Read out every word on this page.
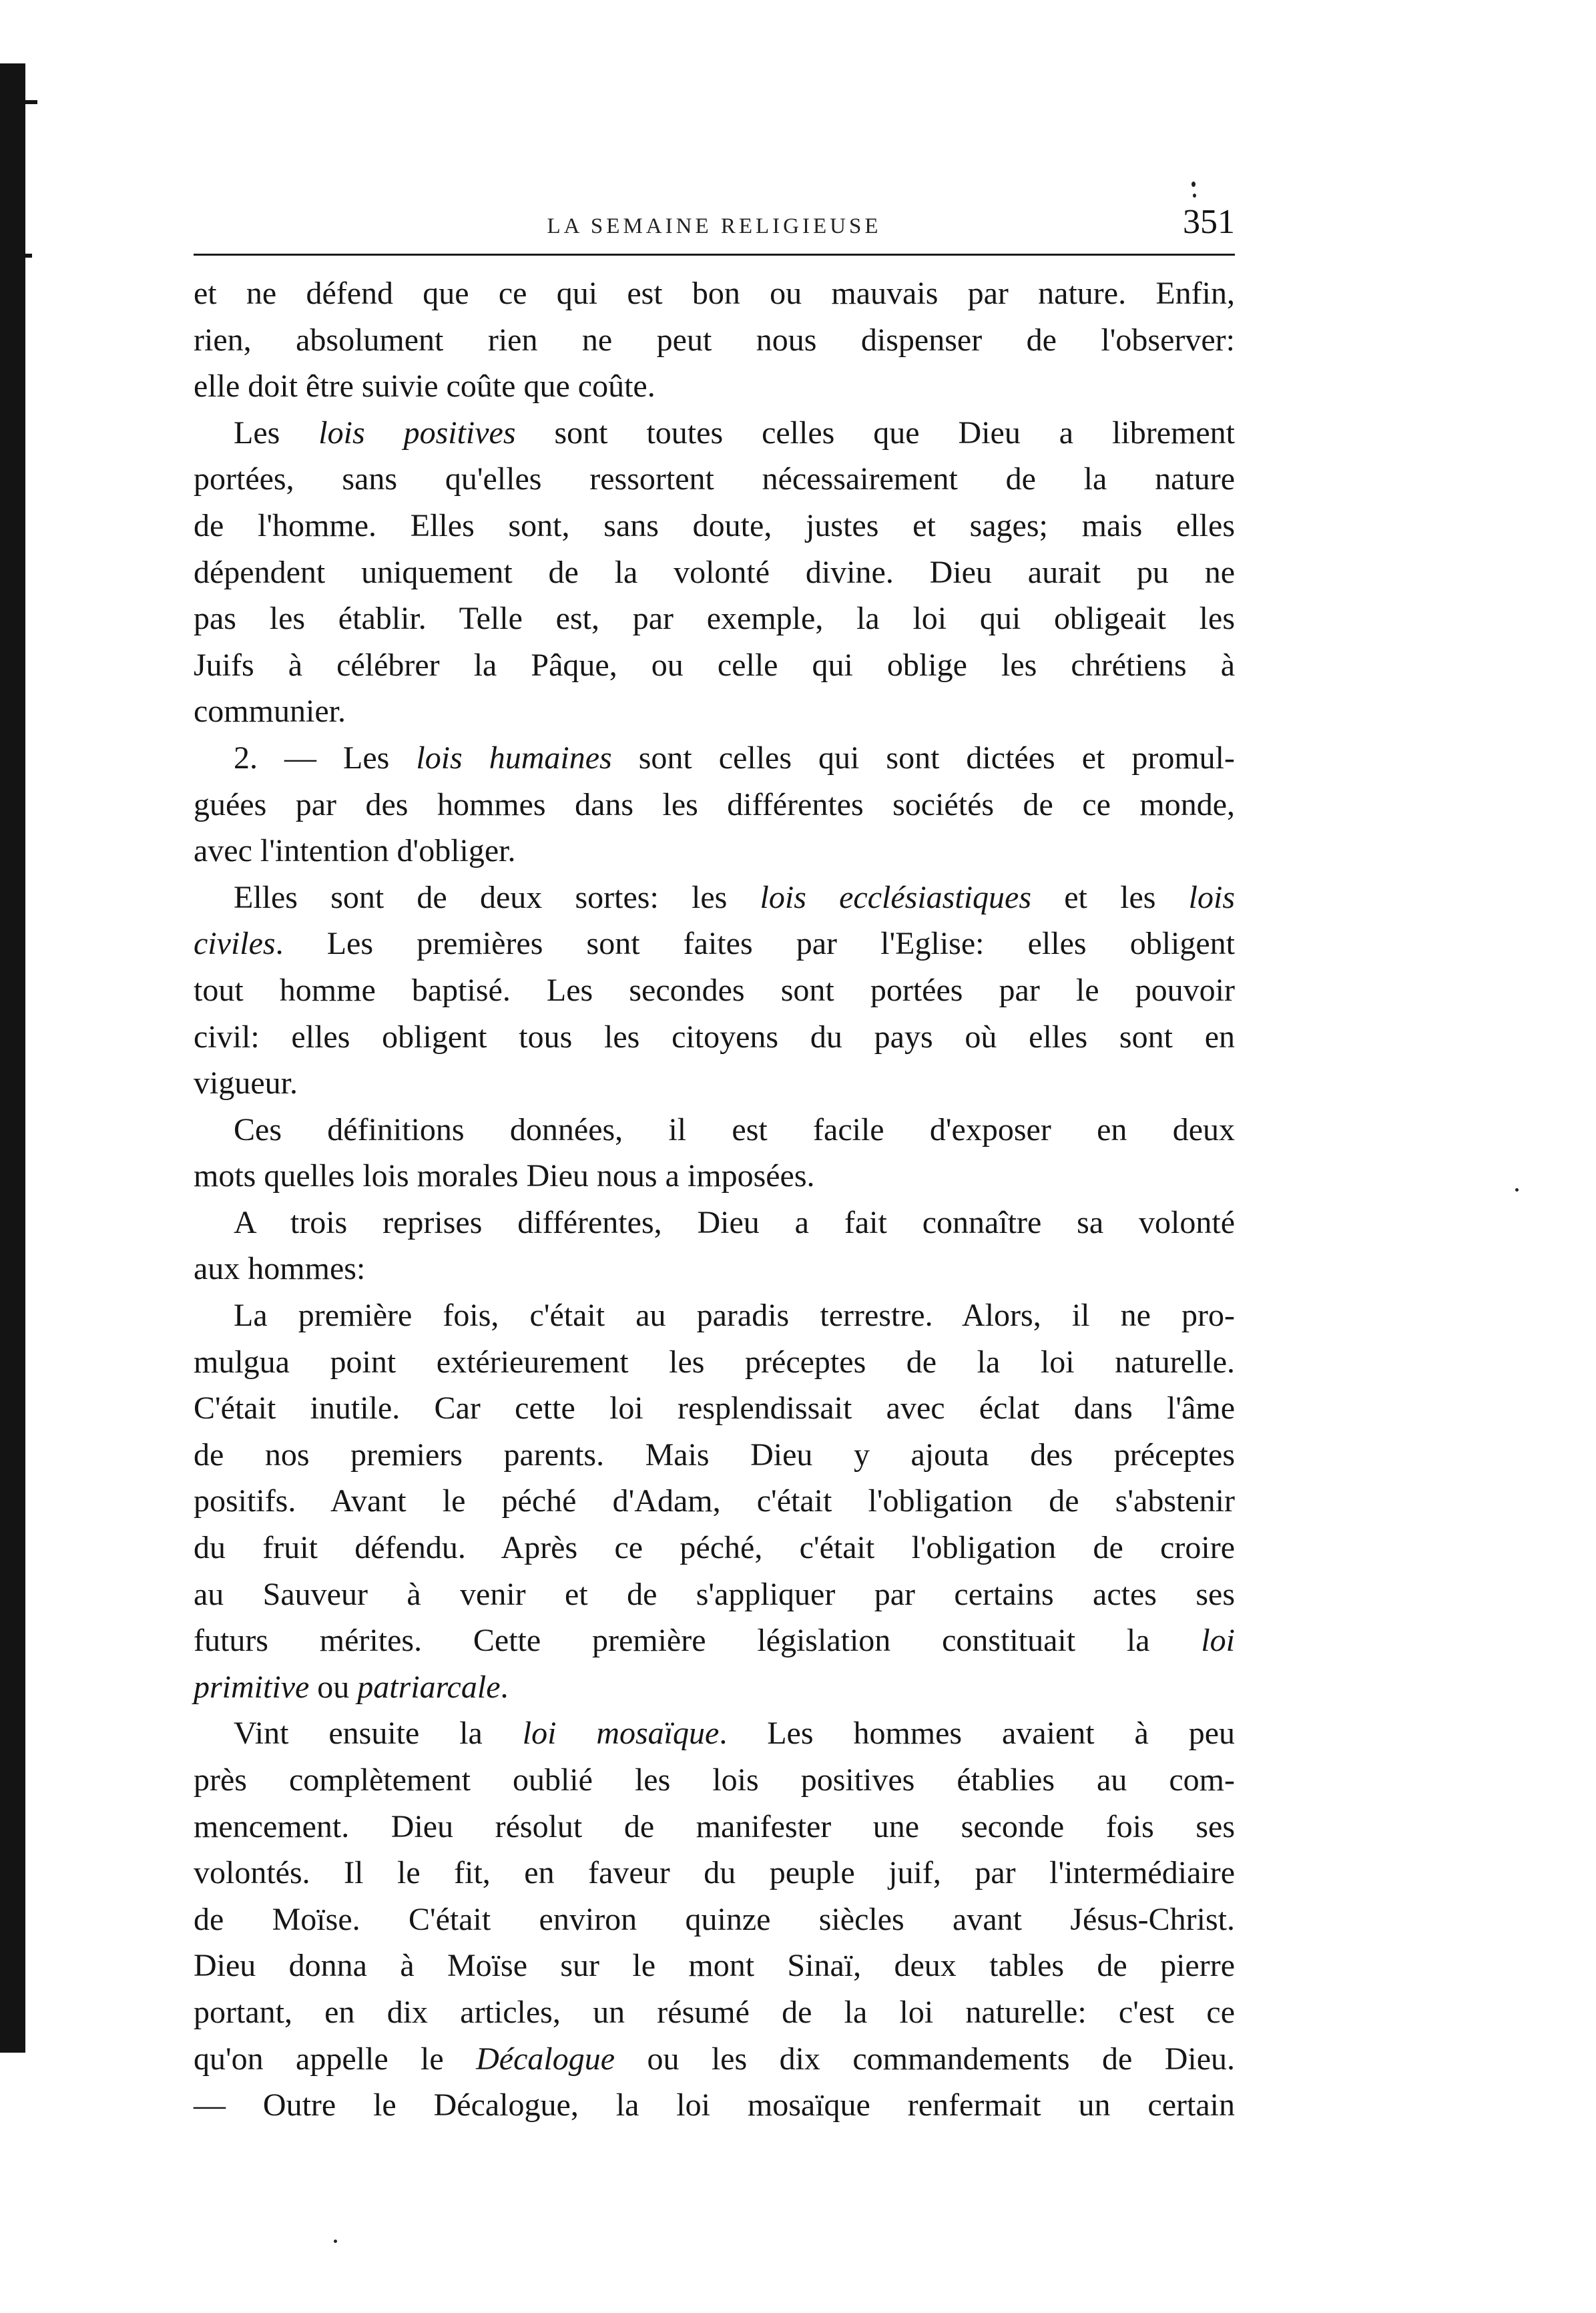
LA SEMAINE RELIGIEUSE	351

et ne défend que ce qui est bon ou mauvais par nature. Enfin,
rien, absolument rien ne peut nous dispenser de l'observer:
elle doit être suivie coûte que coûte.

Les lois positives sont toutes celles que Dieu a librement
portées, sans qu'elles ressortent nécessairement de la nature
de l'homme. Elles sont, sans doute, justes et sages; mais elles
dépendent uniquement de la volonté divine. Dieu aurait pu ne
pas les établir. Telle est, par exemple, la loi qui obligeait les
Juifs à célébrer la Pâque, ou celle qui oblige les chrétiens à
communier.

2. — Les lois humaines sont celles qui sont dictées et promul-
guées par des hommes dans les différentes sociétés de ce monde,
avec l'intention d'obliger.

Elles sont de deux sortes: les lois ecclésiastiques et les lois
civiles. Les premières sont faites par l'Eglise: elles obligent
tout homme baptisé. Les secondes sont portées par le pouvoir
civil: elles obligent tous les citoyens du pays où elles sont en
vigueur.

Ces définitions données, il est facile d'exposer en deux
mots quelles lois morales Dieu nous a imposées.

A trois reprises différentes, Dieu a fait connaître sa volonté
aux hommes:

La première fois, c'était au paradis terrestre. Alors, il ne pro-
mulgua point extérieurement les préceptes de la loi naturelle.
C'était inutile. Car cette loi resplendissait avec éclat dans l'âme
de nos premiers parents. Mais Dieu y ajouta des préceptes
positifs. Avant le péché d'Adam, c'était l'obligation de s'abstenir
du fruit défendu. Après ce péché, c'était l'obligation de croire
au Sauveur à venir et de s'appliquer par certains actes ses
futurs mérites. Cette première législation constituait la loi
primitive ou patriarcale.

Vint ensuite la loi mosaïque. Les hommes avaient à peu
près complètement oublié les lois positives établies au com-
mencement. Dieu résolut de manifester une seconde fois ses
volontés. Il le fit, en faveur du peuple juif, par l'intermédiaire
de Moïse. C'était environ quinze siècles avant Jésus-Christ.
Dieu donna à Moïse sur le mont Sinaï, deux tables de pierre
portant, en dix articles, un résumé de la loi naturelle: c'est ce
qu'on appelle le Décalogue ou les dix commandements de Dieu.
— Outre le Décalogue, la loi mosaïque renfermait un certain
